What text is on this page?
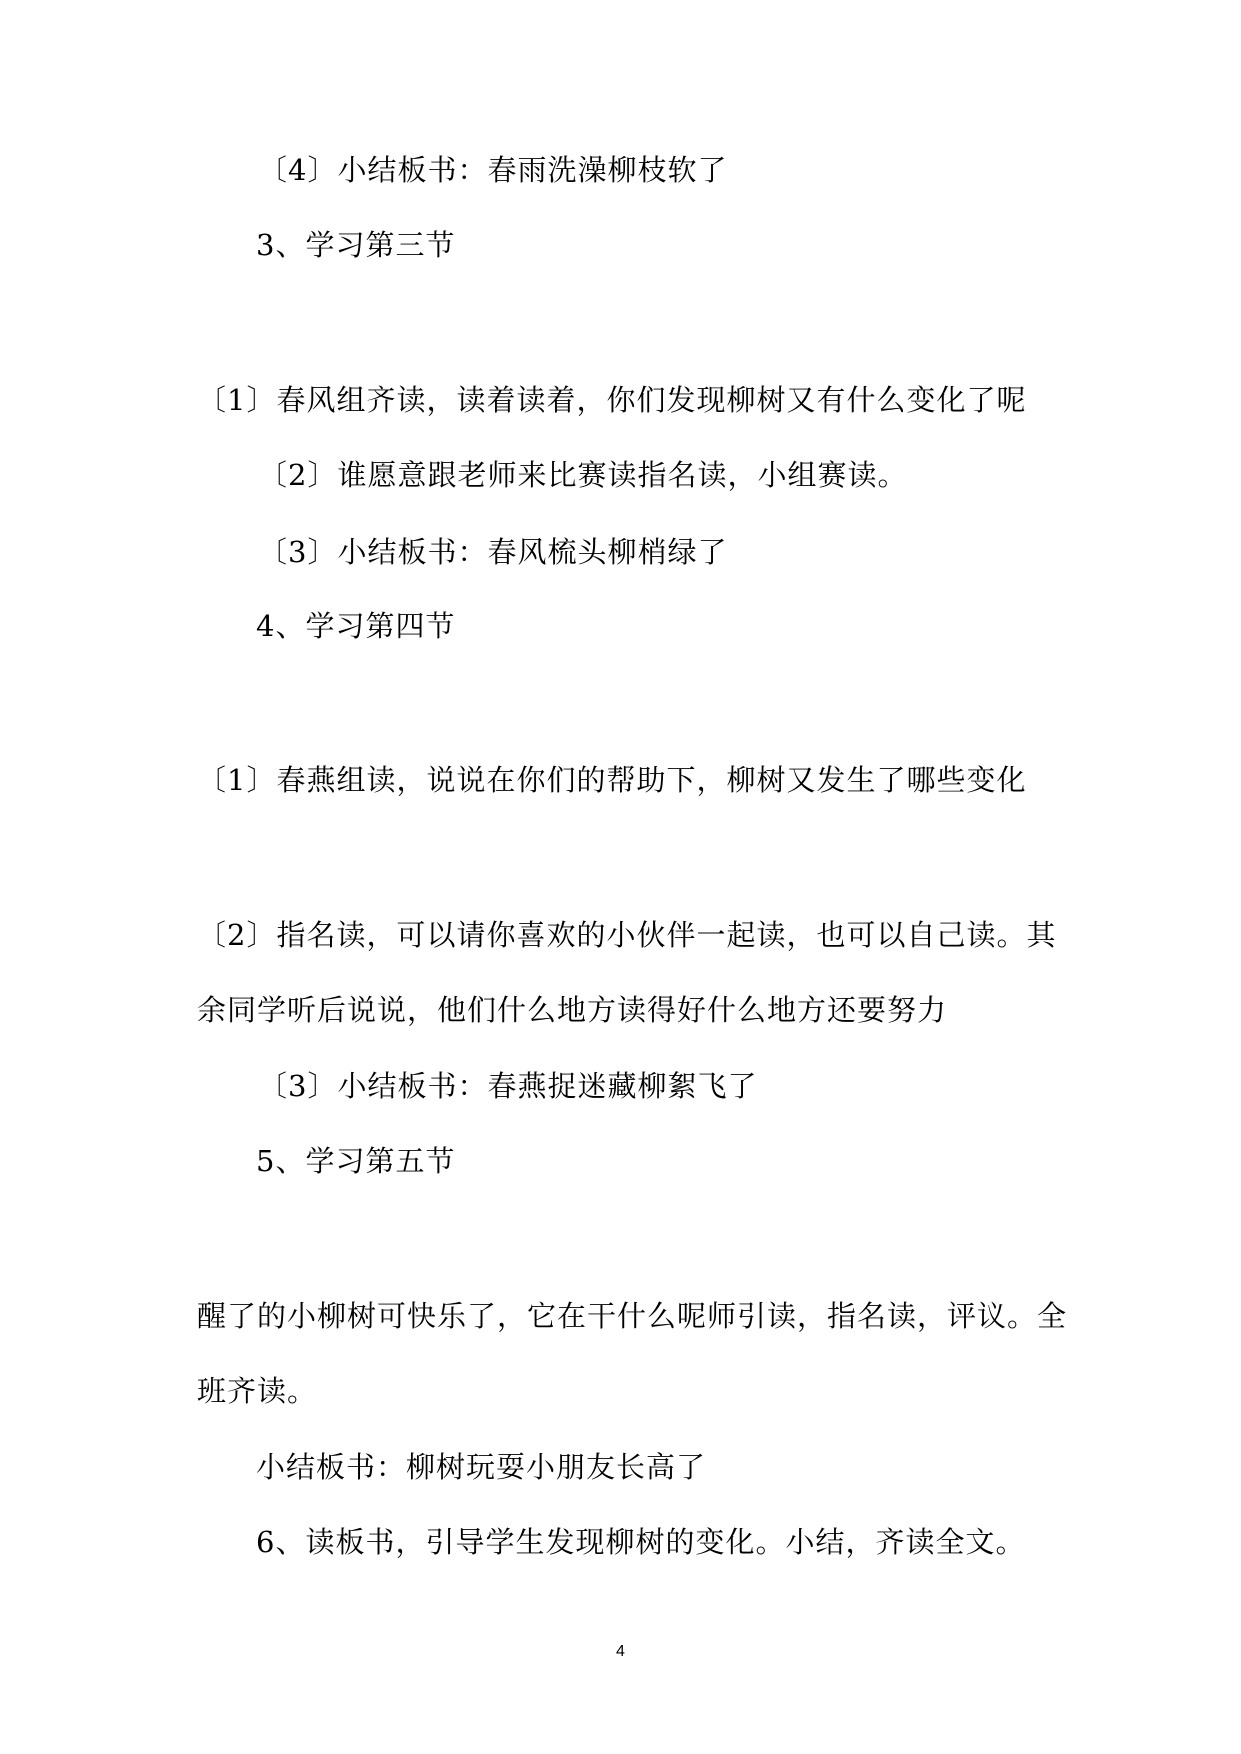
〔4〕小结板书：春雨洗澡柳枝软了
3、学习第三节
〔1〕春风组齐读，读着读着，你们发现柳树又有什么变化了呢
〔2〕谁愿意跟老师来比赛读指名读，小组赛读。
〔3〕小结板书：春风梳头柳梢绿了
4、学习第四节
〔1〕春燕组读，说说在你们的帮助下，柳树又发生了哪些变化
〔2〕指名读，可以请你喜欢的小伙伴一起读，也可以自己读。其
余同学听后说说，他们什么地方读得好什么地方还要努力
〔3〕小结板书：春燕捉迷藏柳絮飞了
5、学习第五节
醒了的小柳树可快乐了，它在干什么呢师引读，指名读，评议。全
班齐读。
小结板书：柳树玩耍小朋友长高了
6、读板书，引导学生发现柳树的变化。小结，齐读全文。
4
